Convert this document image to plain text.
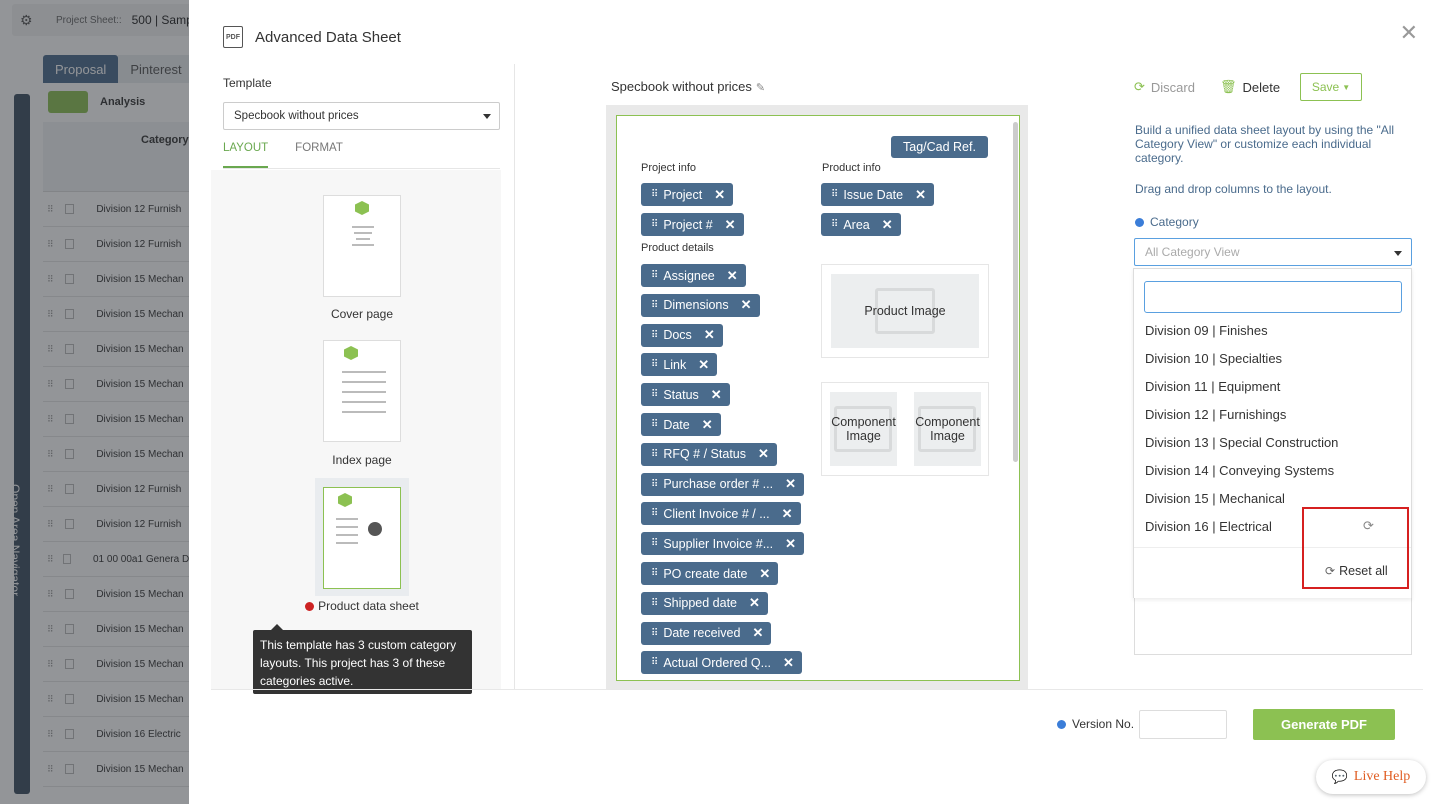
PDF Advanced Data Sheet	✕
Template
Specbook without prices
LAYOUT FORMAT
Cover page
Index page
Product data sheet
This template has 3 custom category layouts. This project has 3 of these categories active.
Specbook without prices ✎
Tag/Cad Ref.
Project info	Product info
Product details
Product Image
Component Image
Component Image
⠿ Project ✕
⠿ Project # ✕
⠿ Issue Date ✕
⠿ Area ✕
⠿ Assignee ✕
⠿ Dimensions ✕
⠿ Docs ✕
⠿ Link ✕
⠿ Status ✕
⠿ Date ✕
⠿ RFQ # / Status ✕
⠿ Purchase order # ... ✕
⠿ Client Invoice # / ... ✕
⠿ Supplier Invoice #... ✕
⠿ PO create date ✕
⠿ Shipped date ✕
⠿ Date received ✕
⠿ Actual Ordered Q... ✕
⟳ Discard 🗑 Delete	Save ▼
Build a unified data sheet layout by using the "All Category View" or customize each individual category.
Drag and drop columns to the layout.
Category
All Category View
Division 09 | Finishes
Division 10 | Specialties
Division 11 | Equipment
Division 12 | Furnishings
Division 13 | Special Construction
Division 14 | Conveying Systems
Division 15 | Mechanical
Division 16 | Electrical	⟳
⟳ Reset all
Version No.	Generate PDF
💬 Live Help
